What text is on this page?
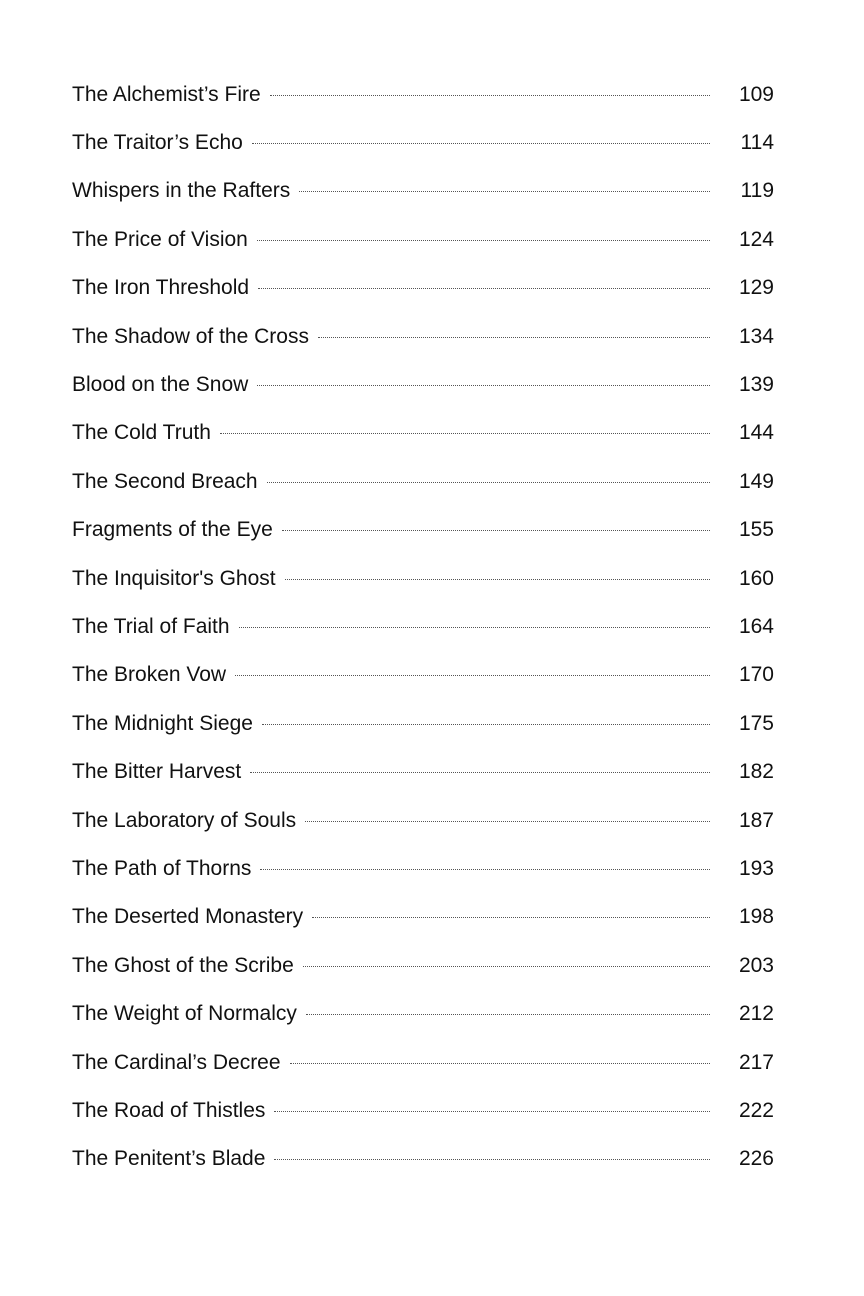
The Alchemist’s Fire	109
The Traitor’s Echo	114
Whispers in the Rafters	119
The Price of Vision	124
The Iron Threshold	129
The Shadow of the Cross	134
Blood on the Snow	139
The Cold Truth	144
The Second Breach	149
Fragments of the Eye	155
The Inquisitor's Ghost	160
The Trial of Faith	164
The Broken Vow	170
The Midnight Siege	175
The Bitter Harvest	182
The Laboratory of Souls	187
The Path of Thorns	193
The Deserted Monastery	198
The Ghost of the Scribe	203
The Weight of Normalcy	212
The Cardinal’s Decree	217
The Road of Thistles	222
The Penitent’s Blade	226
